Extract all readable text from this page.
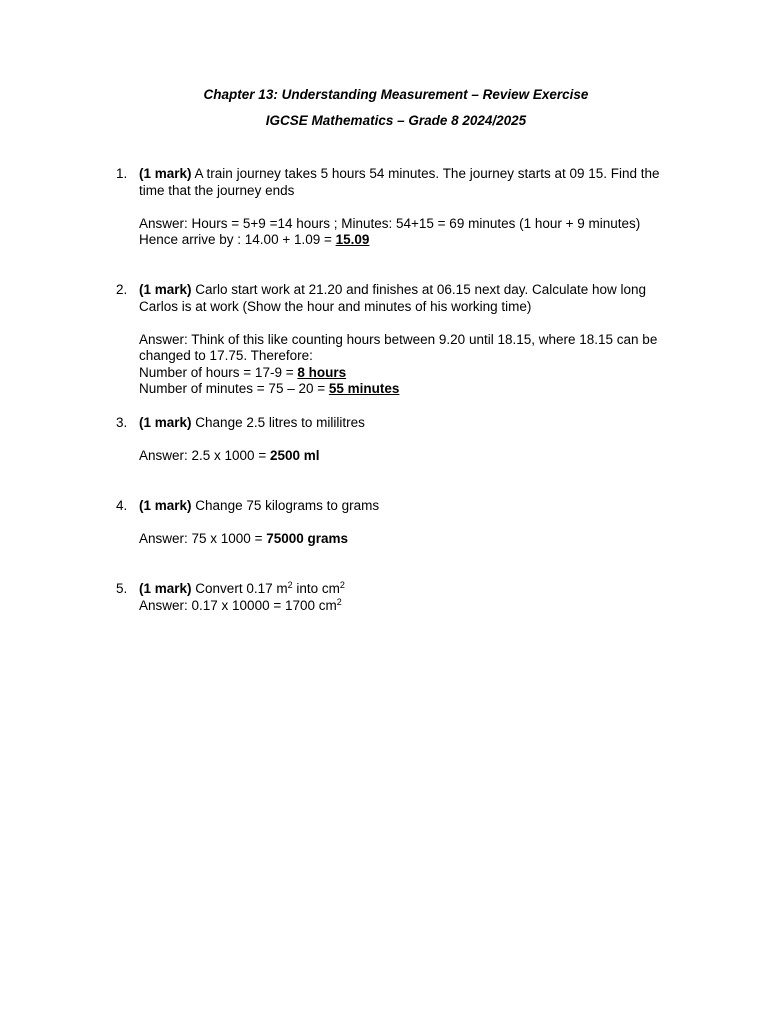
Chapter 13: Understanding Measurement – Review Exercise
IGCSE Mathematics – Grade 8 2024/2025
1. (1 mark) A train journey takes 5 hours 54 minutes. The journey starts at 09 15. Find the time that the journey ends

Answer: Hours = 5+9 =14 hours ; Minutes: 54+15 = 69 minutes (1 hour + 9 minutes)

Hence arrive by : 14.00 + 1.09 = 15.09

2. (1 mark) Carlo start work at 21.20 and finishes at 06.15 next day. Calculate how long Carlos is at work (Show the hour and minutes of his working time)

Answer: Think of this like counting hours between 9.20 until 18.15, where 18.15 can be changed to 17.75. Therefore:

Number of hours = 17-9 = 8 hours

Number of minutes = 75 – 20 = 55 minutes

3. (1 mark) Change 2.5 litres to mililitres

Answer: 2.5 x 1000 = 2500 ml

4. (1 mark) Change 75 kilograms to grams

Answer: 75 x 1000 = 75000 grams

5. (1 mark) Convert 0.17 $m^2$ into $cm^2$

Answer: 0.17 x 10000 = 1700 $cm^2$
